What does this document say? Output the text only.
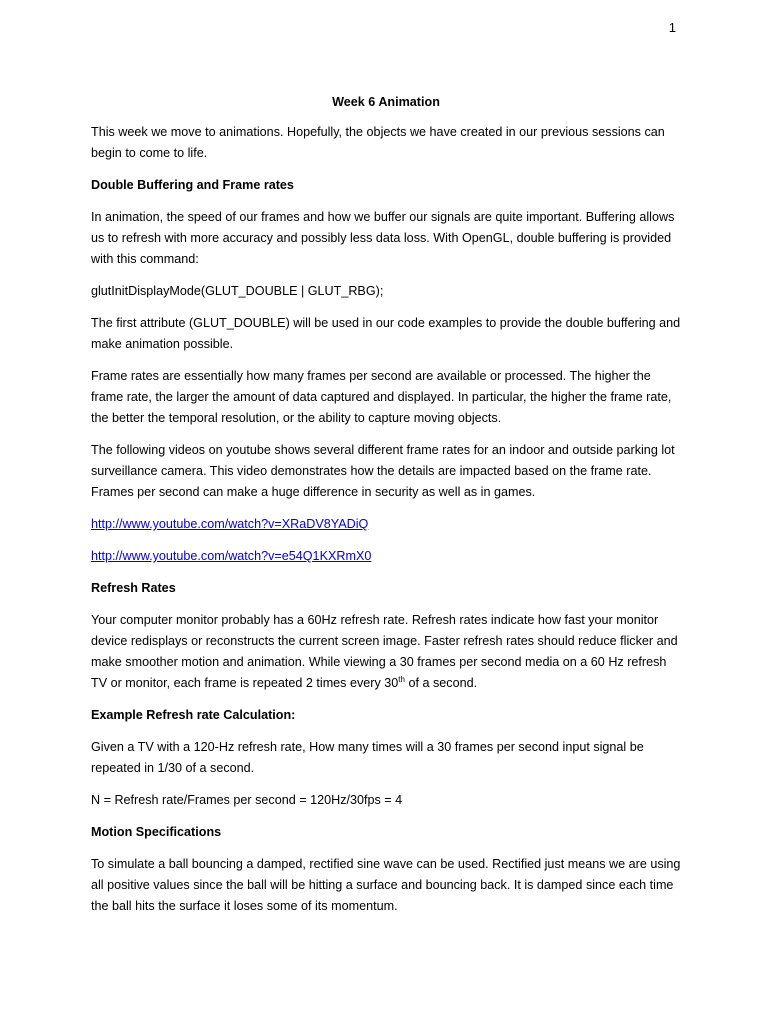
1
Week 6 Animation

This week we move to animations. Hopefully, the objects we have created in our previous sessions can begin to come to life.

Double Buffering and Frame rates

In animation, the speed of our frames and how we buffer our signals are quite important. Buffering allows us to refresh with more accuracy and possibly less data loss. With OpenGL, double buffering is provided with this command:

glutInitDisplayMode(GLUT_DOUBLE | GLUT_RBG);

The first attribute (GLUT_DOUBLE) will be used in our code examples to provide the double buffering and make animation possible.

Frame rates are essentially how many frames per second are available or processed. The higher the frame rate, the larger the amount of data captured and displayed. In particular, the higher the frame rate, the better the temporal resolution, or the ability to capture moving objects.

The following videos on youtube shows several different frame rates for an indoor and outside parking lot surveillance camera. This video demonstrates how the details are impacted based on the frame rate. Frames per second can make a huge difference in security as well as in games.

http://www.youtube.com/watch?v=XRaDV8YADiQ

http://www.youtube.com/watch?v=e54Q1KXRmX0

Refresh Rates

Your computer monitor probably has a 60Hz refresh rate. Refresh rates indicate how fast your monitor device redisplays or reconstructs the current screen image. Faster refresh rates should reduce flicker and make smoother motion and animation. While viewing a 30 frames per second media on a 60 Hz refresh TV or monitor, each frame is repeated 2 times every 30th of a second.

Example Refresh rate Calculation:

Given a TV with a 120-Hz refresh rate, How many times will a 30 frames per second input signal be repeated in 1/30 of a second.

N = Refresh rate/Frames per second = 120Hz/30fps = 4

Motion Specifications

To simulate a ball bouncing a damped, rectified sine wave can be used. Rectified just means we are using all positive values since the ball will be hitting a surface and bouncing back. It is damped since each time the ball hits the surface it loses some of its momentum.
